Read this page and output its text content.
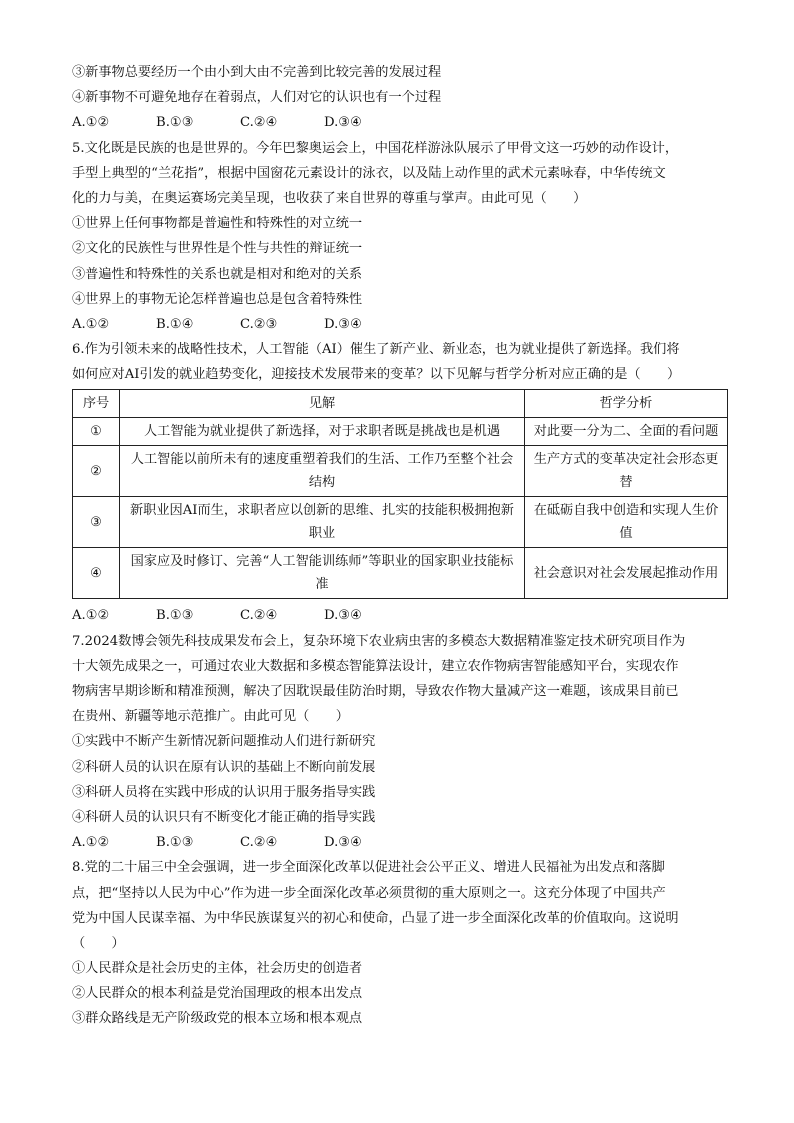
③新事物总要经历一个由小到大由不完善到比较完善的发展过程
④新事物不可避免地存在着弱点，人们对它的认识也有一个过程
A.①②	B.①③	C.②④	D.③④
5.文化既是民族的也是世界的。今年巴黎奥运会上，中国花样游泳队展示了甲骨文这一巧妙的动作设计，
手型上典型的“兰花指”，根据中国窗花元素设计的泳衣，以及陆上动作里的武术元素咏春，中华传统文
化的力与美，在奥运赛场完美呈现，也收获了来自世界的尊重与掌声。由此可见（　　）
①世界上任何事物都是普遍性和特殊性的对立统一
②文化的民族性与世界性是个性与共性的辩证统一
③普遍性和特殊性的关系也就是相对和绝对的关系
④世界上的事物无论怎样普遍也总是包含着特殊性
A.①②	B.①④	C.②③	D.③④
6.作为引领未来的战略性技术，人工智能（AI）催生了新产业、新业态，也为就业提供了新选择。我们将
如何应对AI引发的就业趋势变化，迎接技术发展带来的变革？以下见解与哲学分析对应正确的是（　　）
序号	见解	哲学分析
①	人工智能为就业提供了新选择，对于求职者既是挑战也是机遇	对此要一分为二、全面的看问题
②	人工智能以前所未有的速度重塑着我们的生活、工作乃至整个社会结构	生产方式的变革决定社会形态更替
③	新职业因AI而生，求职者应以创新的思维、扎实的技能积极拥抱新职业	在砥砺自我中创造和实现人生价值
④	国家应及时修订、完善“人工智能训练师”等职业的国家职业技能标准	社会意识对社会发展起推动作用
A.①②	B.①③	C.②④	D.③④
7.2024数博会领先科技成果发布会上，复杂环境下农业病虫害的多模态大数据精准鉴定技术研究项目作为
十大领先成果之一，可通过农业大数据和多模态智能算法设计，建立农作物病害智能感知平台，实现农作
物病害早期诊断和精准预测，解决了因耽误最佳防治时期，导致农作物大量减产这一难题，该成果目前已
在贵州、新疆等地示范推广。由此可见（　　）
①实践中不断产生新情况新问题推动人们进行新研究
②科研人员的认识在原有认识的基础上不断向前发展
③科研人员将在实践中形成的认识用于服务指导实践
④科研人员的认识只有不断变化才能正确的指导实践
A.①②	B.①③	C.②④	D.③④
8.党的二十届三中全会强调，进一步全面深化改革以促进社会公平正义、增进人民福祉为出发点和落脚
点，把“坚持以人民为中心”作为进一步全面深化改革必须贯彻的重大原则之一。这充分体现了中国共产
党为中国人民谋幸福、为中华民族谋复兴的初心和使命，凸显了进一步全面深化改革的价值取向。这说明
（　　）
①人民群众是社会历史的主体，社会历史的创造者
②人民群众的根本利益是党治国理政的根本出发点
③群众路线是无产阶级政党的根本立场和根本观点
